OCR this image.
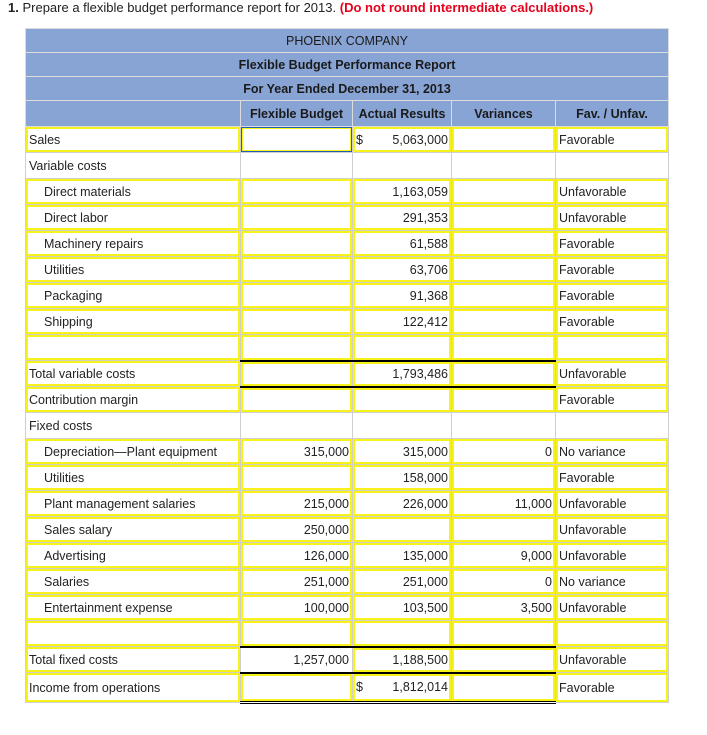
1. Prepare a flexible budget performance report for 2013. (Do not round intermediate calculations.)
PHOENIX COMPANY				
Flexible Budget Performance Report				
For Year Ended December 31, 2013				
	Flexible Budget	Actual Results	Variances	Fav. / Unfav.
Sales		$ 5,063,000		Favorable
Variable costs				
Direct materials		1,163,059		Unfavorable
Direct labor		291,353		Unfavorable
Machinery repairs		61,588		Favorable
Utilities		63,706		Favorable
Packaging		91,368		Favorable
Shipping		122,412		Favorable

Total variable costs		1,793,486		Unfavorable
Contribution margin				Favorable
Fixed costs				
Depreciation—Plant equipment	315,000	315,000	0	No variance
Utilities		158,000		Favorable
Plant management salaries	215,000	226,000	11,000	Unfavorable
Sales salary	250,000			Unfavorable
Advertising	126,000	135,000	9,000	Unfavorable
Salaries	251,000	251,000	0	No variance
Entertainment expense	100,000	103,500	3,500	Unfavorable

Total fixed costs	1,257,000	1,188,500		Unfavorable
Income from operations		$ 1,812,014		Favorable
